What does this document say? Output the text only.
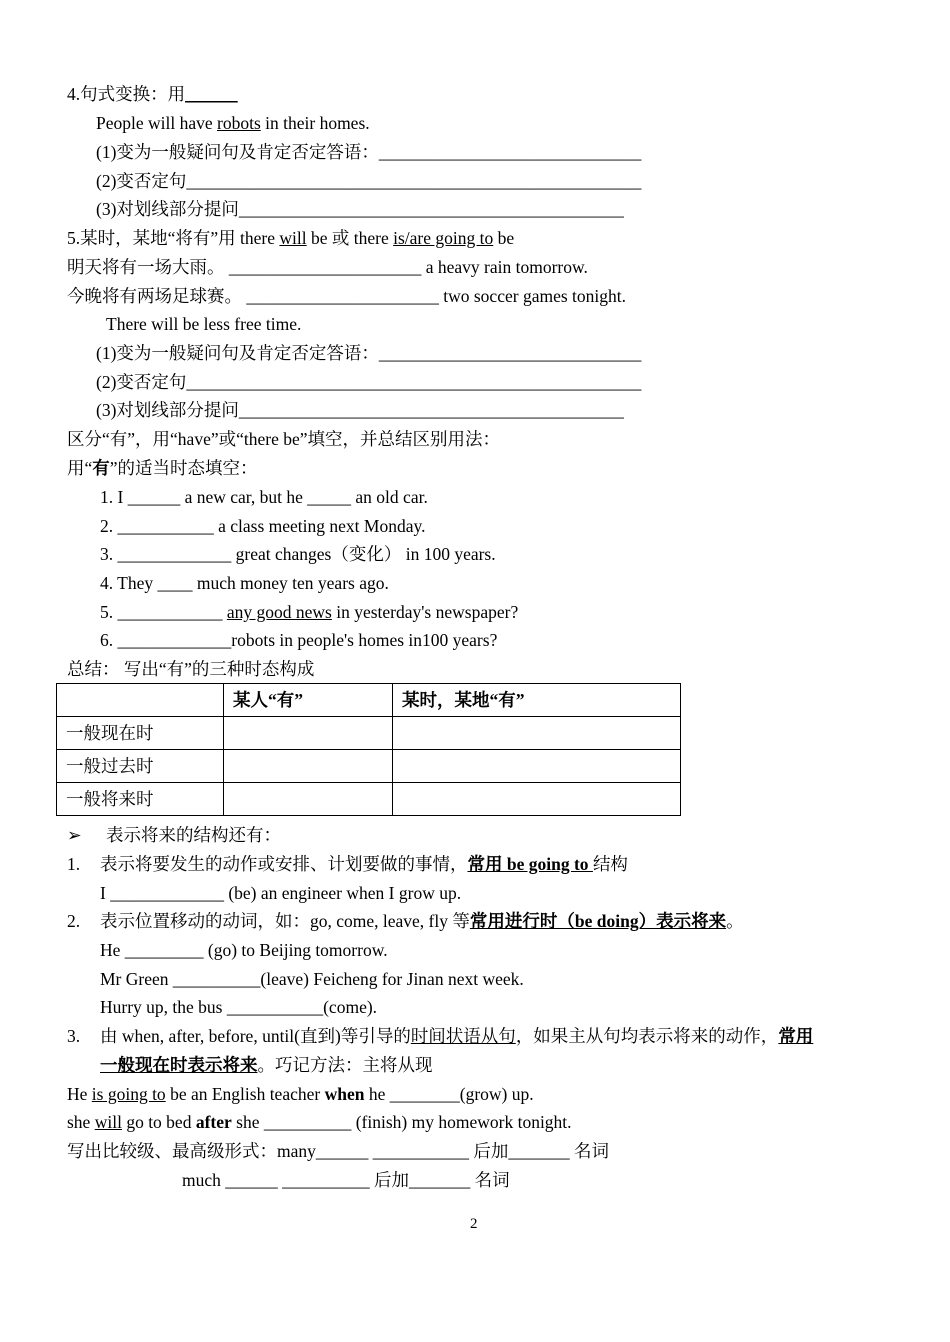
4.句式变换：用______
People will have robots in their homes.
(1)变为一般疑问句及肯定否定答语：______________________________
(2)变否定句____________________________________________________
(3)对划线部分提问____________________________________________
5.某时，某地“将有”用 there will be 或 there is/are going to be
明天将有一场大雨。 ______________________ a heavy rain tomorrow.
今晚将有两场足球赛。 ______________________ two soccer games tonight.
There will be less free time.
(1)变为一般疑问句及肯定否定答语：______________________________
(2)变否定句____________________________________________________
(3)对划线部分提问____________________________________________
区分“有”，用“have”或“there be”填空，并总结区别用法：
用“有”的适当时态填空：
1. I ______ a new car, but he _____ an old car.
2. ___________ a class meeting next Monday.
3. _____________ great changes（变化） in 100 years.
4. They ____ much money ten years ago.
5. ____________ any good news in yesterday's newspaper?
6. _____________robots in people's homes in100 years?
总结： 写出“有”的三种时态构成
	某人“有”	某时，某地“有”
一般现在时		
一般过去时		
一般将来时		
➢ 表示将来的结构还有：
1. 表示将要发生的动作或安排、计划要做的事情，常用 be going to 结构
I _____________ (be) an engineer when I grow up.
2. 表示位置移动的动词，如：go, come, leave, fly 等常用进行时（be doing）表示将来。
He _________ (go) to Beijing tomorrow.
Mr Green __________(leave) Feicheng for Jinan next week.
Hurry up, the bus ___________(come).
3. 由 when, after, before, until(直到)等引导的时间状语从句，如果主从句均表示将来的动作，常用
一般现在时表示将来。巧记方法：主将从现
He is going to be an English teacher when he ________(grow) up.
she will go to bed after she __________ (finish) my homework tonight.
写出比较级、最高级形式：many______ ___________ 后加_______ 名词
much ______ __________ 后加_______ 名词
2
